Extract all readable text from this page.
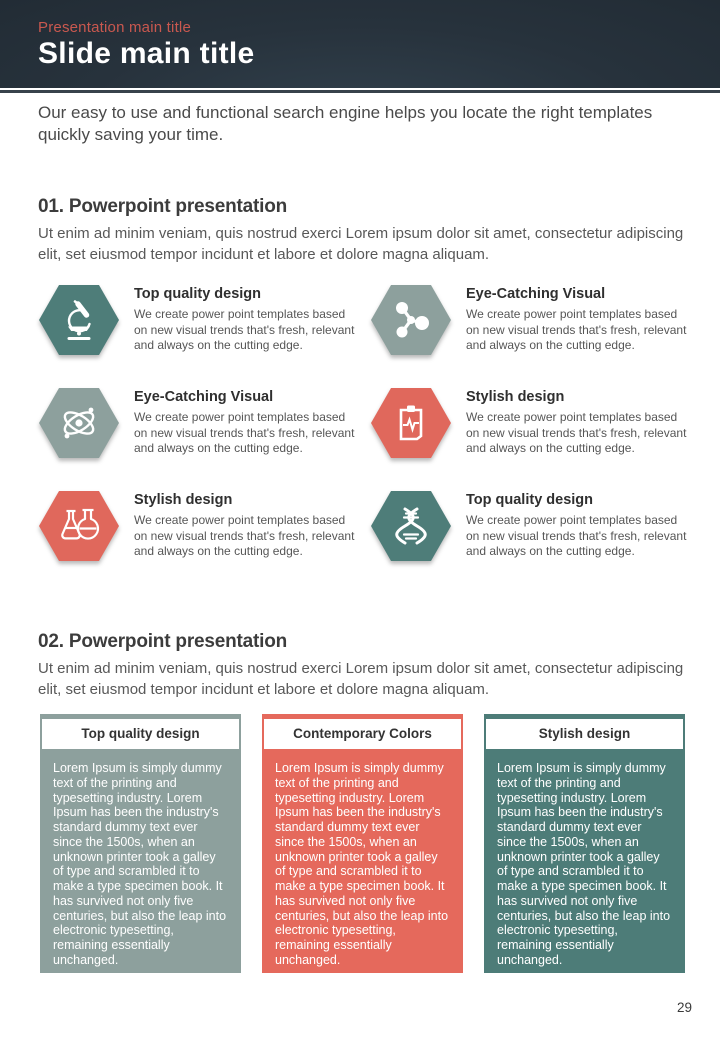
Presentation main title
Slide main title
Our easy to use and functional search engine helps you locate the right templates quickly saving your time.
01. Powerpoint presentation
Ut enim ad minim veniam, quis nostrud exerci Lorem ipsum dolor sit amet, consectetur adipiscing elit, set eiusmod tempor incidunt et labore et dolore magna aliquam.
Top quality design
We create power point templates based on new visual trends that's fresh, relevant and always on the cutting edge.
Eye-Catching Visual
We create power point templates based on new visual trends that's fresh, relevant and always on the cutting edge.
Eye-Catching Visual
We create power point templates based on new visual trends that's fresh, relevant and always on the cutting edge.
Stylish design
We create power point templates based on new visual trends that's fresh, relevant and always on the cutting edge.
Stylish design
We create power point templates based on new visual trends that's fresh, relevant and always on the cutting edge.
Top quality design
We create power point templates based on new visual trends that's fresh, relevant and always on the cutting edge.
02. Powerpoint presentation
Ut enim ad minim veniam, quis nostrud exerci Lorem ipsum dolor sit amet, consectetur adipiscing elit, set eiusmod tempor incidunt et labore et dolore magna aliquam.
Top quality design
Lorem Ipsum is simply dummy text of the printing and typesetting industry. Lorem Ipsum has been the industry's standard dummy text ever since the 1500s, when an unknown printer took a galley of type and scrambled it to make a type specimen book. It has survived not only five centuries, but also the leap into electronic typesetting, remaining essentially unchanged.
Contemporary Colors
Lorem Ipsum is simply dummy text of the printing and typesetting industry. Lorem Ipsum has been the industry's standard dummy text ever since the 1500s, when an unknown printer took a galley of type and scrambled it to make a type specimen book. It has survived not only five centuries, but also the leap into electronic typesetting, remaining essentially unchanged.
Stylish design
Lorem Ipsum is simply dummy text of the printing and typesetting industry. Lorem Ipsum has been the industry's standard dummy text ever since the 1500s, when an unknown printer took a galley of type and scrambled it to make a type specimen book. It has survived not only five centuries, but also the leap into electronic typesetting, remaining essentially unchanged.
29
